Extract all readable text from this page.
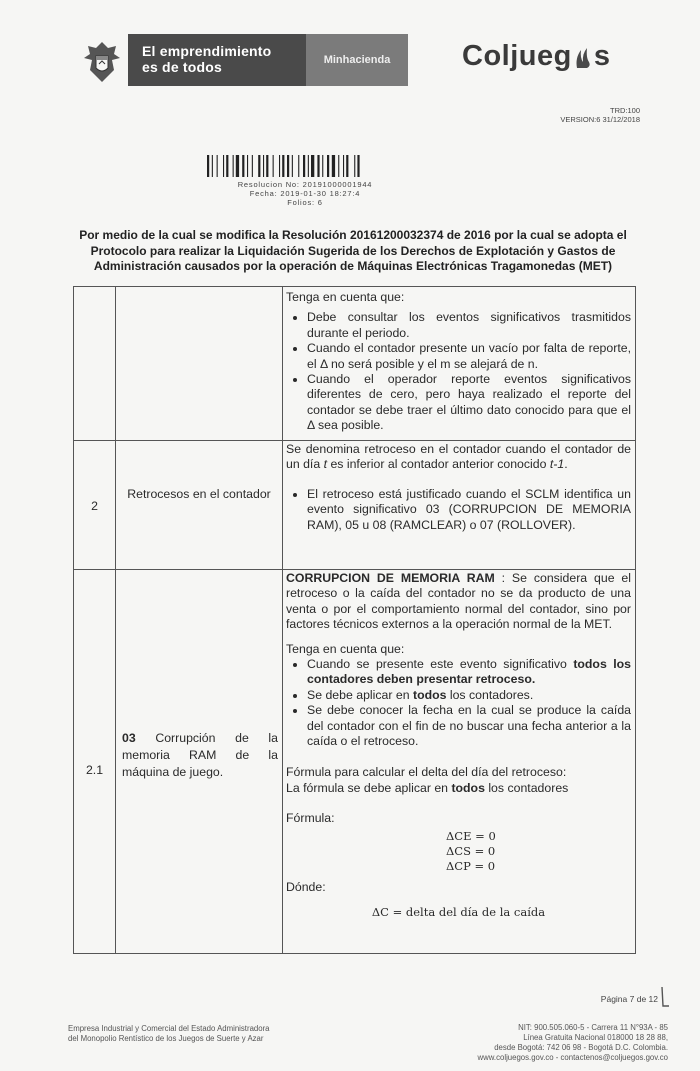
El emprendimiento
es de todos	Minhacienda	Coljueg s
TRD:100
VERSION:6 31/12/2018
Resolucion No: 20191000001944
Fecha: 2019-01-30 18:27:4
Folios: 6
Por medio de la cual se modifica la Resolución 20161200032374 de 2016 por la cual se adopta el Protocolo para realizar la Liquidación Sugerida de los Derechos de Explotación y Gastos de Administración causados por la operación de Máquinas Electrónicas Tragamonedas (MET)

Tenga en cuenta que:

• Debe consultar los eventos significativos trasmitidos durante el periodo.
• Cuando el contador presente un vacío por falta de reporte, el Δ no será posible y el m se alejará de n.
• Cuando el operador reporte eventos significativos diferentes de cero, pero haya realizado el reporte del contador se debe traer el último dato conocido para que el Δ sea posible.
2
Retrocesos en el contador

Se denomina retroceso en el contador cuando el contador de un día t es inferior al contador anterior conocido t-1.

• El retroceso está justificado cuando el SCLM identifica un evento significativo 03 (CORRUPCION DE MEMORIA RAM), 05 u 08 (RAMCLEAR) o 07 (ROLLOVER).
2.1
03 Corrupción de la memoria RAM de la máquina de juego.

CORRUPCION DE MEMORIA RAM : Se considera que el retroceso o la caída del contador no se da producto de una venta o por el comportamiento normal del contador, sino por factores técnicos externos a la operación normal de la MET.

Tenga en cuenta que:

• Cuando se presente este evento significativo todos los contadores deben presentar retroceso.
• Se debe aplicar en todos los contadores.
• Se debe conocer la fecha en la cual se produce la caída del contador con el fin de no buscar una fecha anterior a la caída o el retroceso.

Fórmula para calcular el delta del día del retroceso:

La fórmula se debe aplicar en todos los contadores

Fórmula:

ΔCE = 0
ΔCS = 0
ΔCP = 0

Dónde:

ΔC = delta del día de la caída
Página 7 de 12
Empresa Industrial y Comercial del Estado Administradora
del Monopolio Rentístico de los Juegos de Suerte y Azar
NIT: 900.505.060-5 - Carrera 11 N°93A - 85
Línea Gratuita Nacional 018000 18 28 88,
desde Bogotá: 742 06 98 - Bogotá D.C. Colombia.
www.coljuegos.gov.co - contactenos@coljuegos.gov.co
